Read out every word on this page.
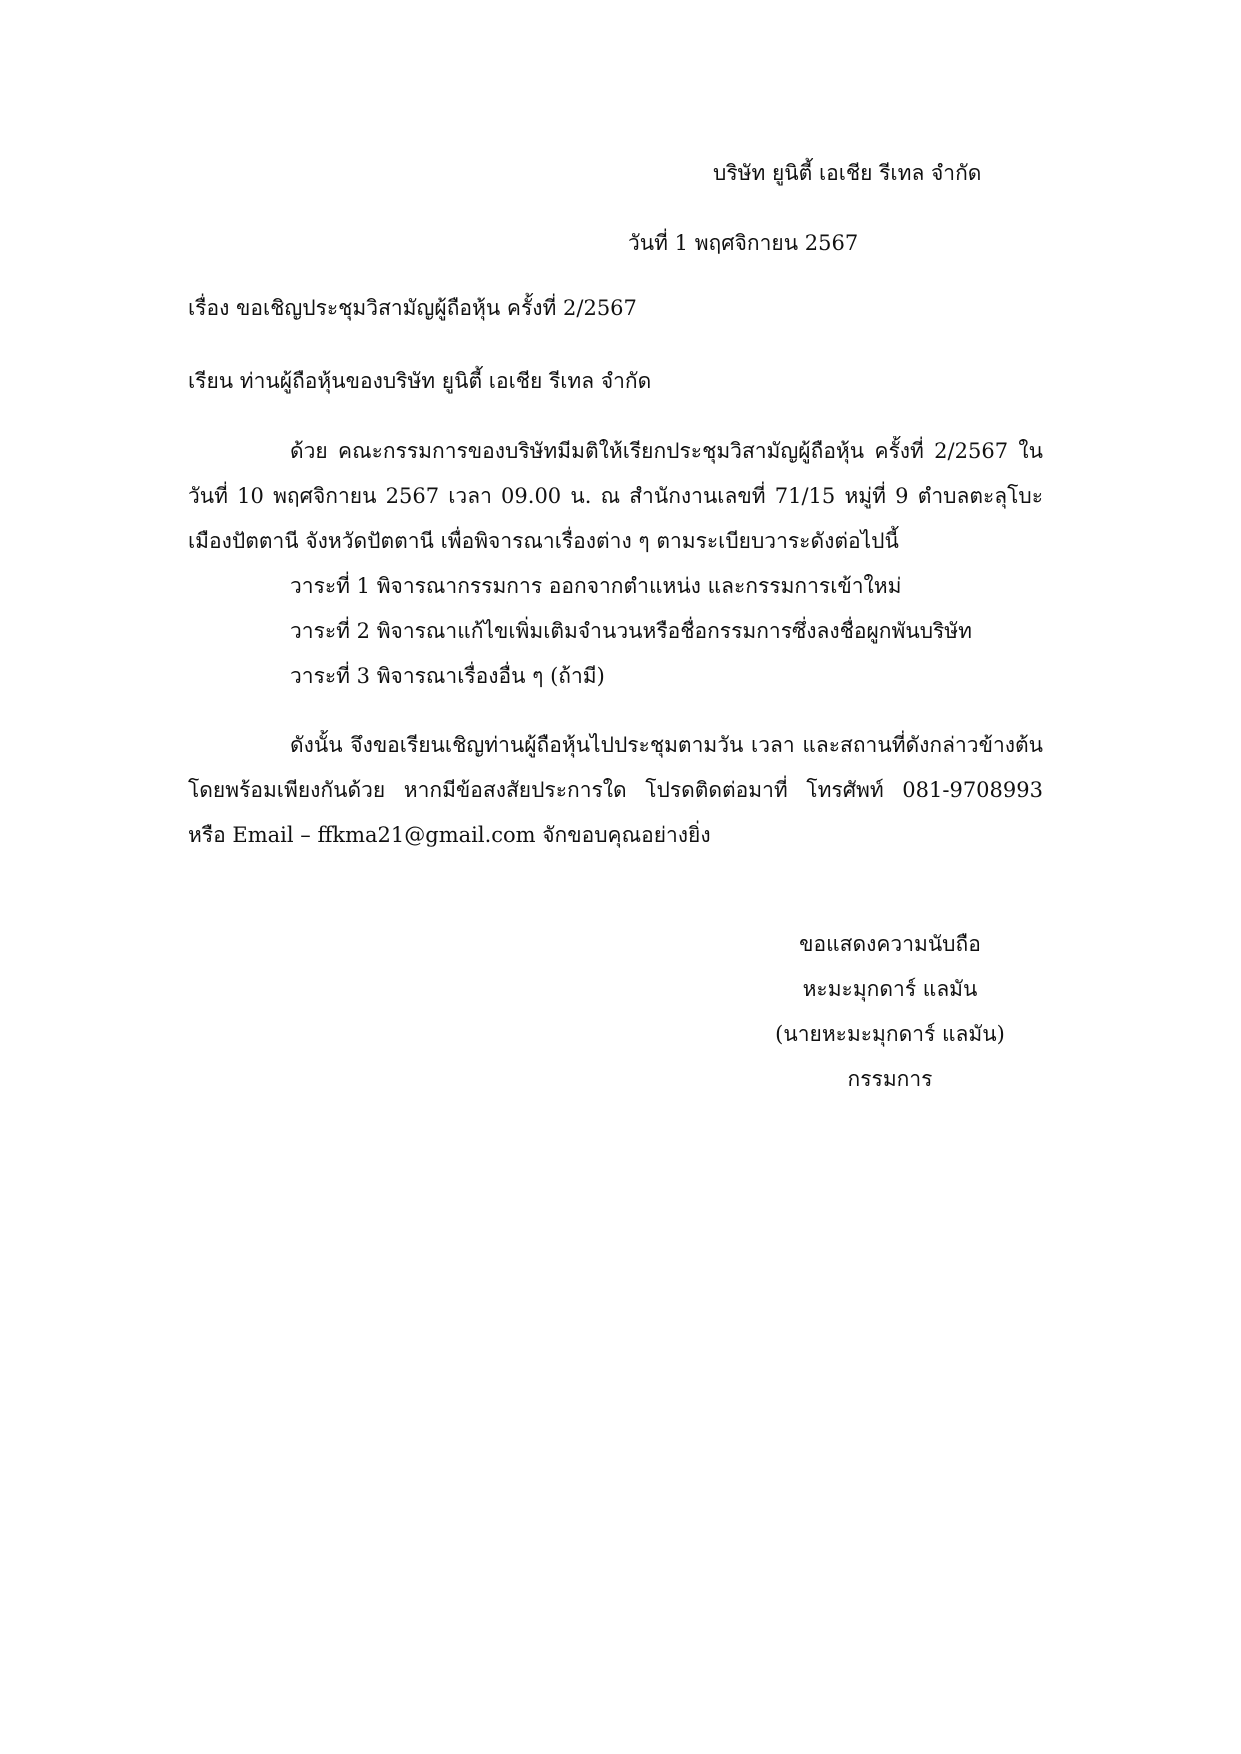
บริษัท ยูนิตี้ เอเชีย รีเทล จำกัด
วันที่ 1 พฤศจิกายน 2567
เรื่อง ขอเชิญประชุมวิสามัญผู้ถือหุ้น ครั้งที่ 2/2567
เรียน ท่านผู้ถือหุ้นของบริษัท ยูนิตี้ เอเชีย รีเทล จำกัด
ด้วย คณะกรรมการของบริษัทมีมติให้เรียกประชุมวิสามัญผู้ถือหุ้น ครั้งที่ 2/2567 ใน
วันที่ 10 พฤศจิกายน 2567 เวลา 09.00 น. ณ สำนักงานเลขที่ 71/15 หมู่ที่ 9 ตำบลตะลุโบะ
เมืองปัตตานี จังหวัดปัตตานี เพื่อพิจารณาเรื่องต่าง ๆ ตามระเบียบวาระดังต่อไปนี้
วาระที่ 1 พิจารณากรรมการ ออกจากตำแหน่ง และกรรมการเข้าใหม่
วาระที่ 2 พิจารณาแก้ไขเพิ่มเติมจำนวนหรือชื่อกรรมการซึ่งลงชื่อผูกพันบริษัท
วาระที่ 3 พิจารณาเรื่องอื่น ๆ (ถ้ามี)
ดังนั้น จึงขอเรียนเชิญท่านผู้ถือหุ้นไปประชุมตามวัน เวลา และสถานที่ดังกล่าวข้างต้น
โดยพร้อมเพียงกันด้วย หากมีข้อสงสัยประการใด โปรดติดต่อมาที่ โทรศัพท์ 081-9708993
หรือ Email – ffkma21@gmail.com จักขอบคุณอย่างยิ่ง
ขอแสดงความนับถือ
หะมะมุกดาร์ แลมัน
(นายหะมะมุกดาร์ แลมัน)
กรรมการ
